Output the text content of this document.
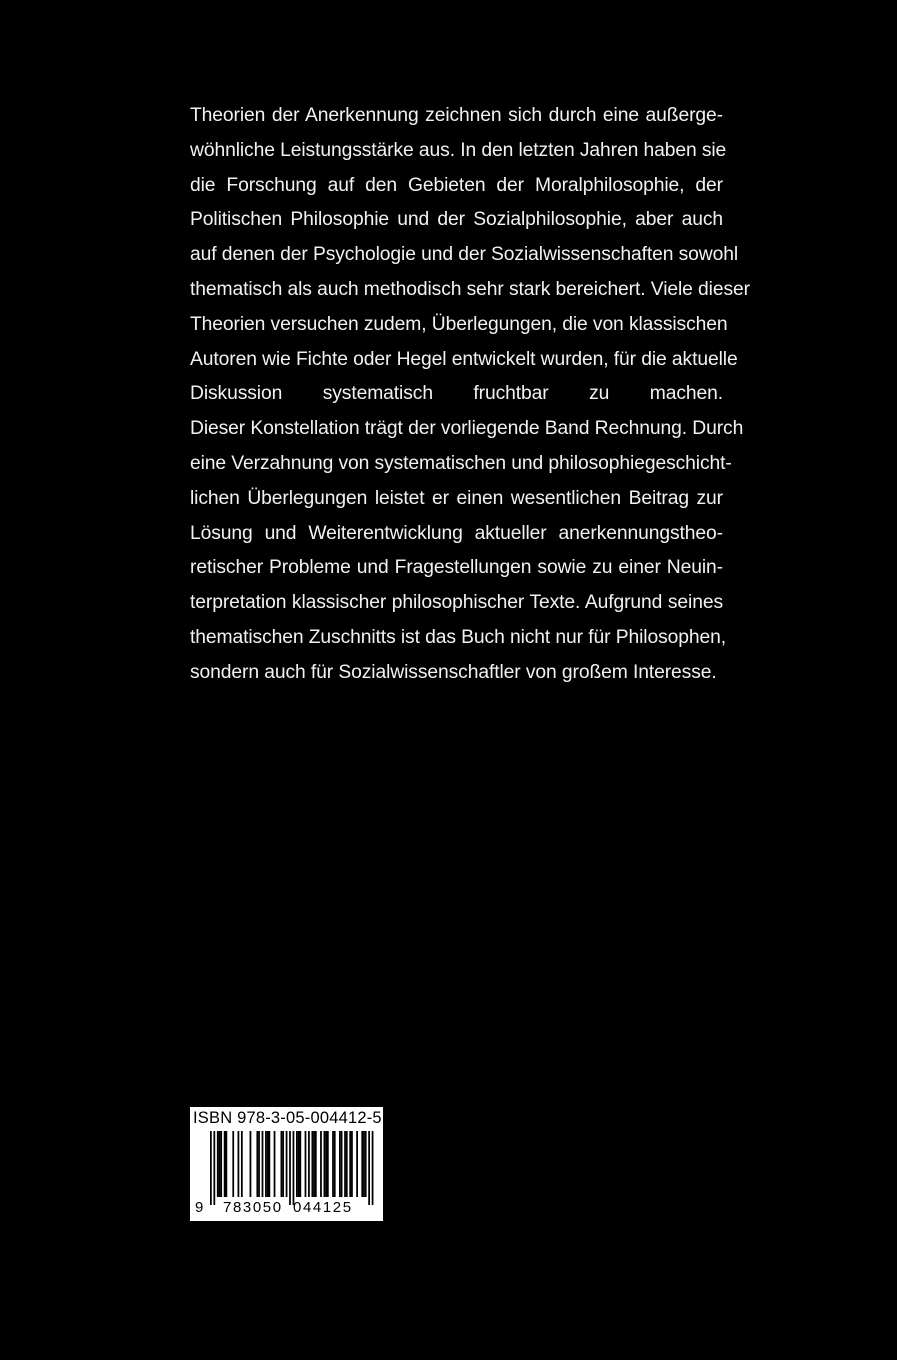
Theorien der Anerkennung zeichnen sich durch eine außerge-
wöhnliche Leistungsstärke aus. In den letzten Jahren haben sie
die Forschung auf den Gebieten der Moralphilosophie, der
Politischen Philosophie und der Sozialphilosophie, aber auch
auf denen der Psychologie und der Sozialwissenschaften sowohl
thematisch als auch methodisch sehr stark bereichert. Viele dieser
Theorien versuchen zudem, Überlegungen, die von klassischen
Autoren wie Fichte oder Hegel entwickelt wurden, für die aktuelle
Diskussion systematisch fruchtbar zu machen.
Dieser Konstellation trägt der vorliegende Band Rechnung. Durch
eine Verzahnung von systematischen und philosophiegeschicht-
lichen Überlegungen leistet er einen wesentlichen Beitrag zur
Lösung und Weiterentwicklung aktueller anerkennungstheo-
retischer Probleme und Fragestellungen sowie zu einer Neuin-
terpretation klassischer philosophischer Texte. Aufgrund seines
thematischen Zuschnitts ist das Buch nicht nur für Philosophen,
sondern auch für Sozialwissenschaftler von großem Interesse.
ISBN 978-3-05-004412-5
9 783050 044125
